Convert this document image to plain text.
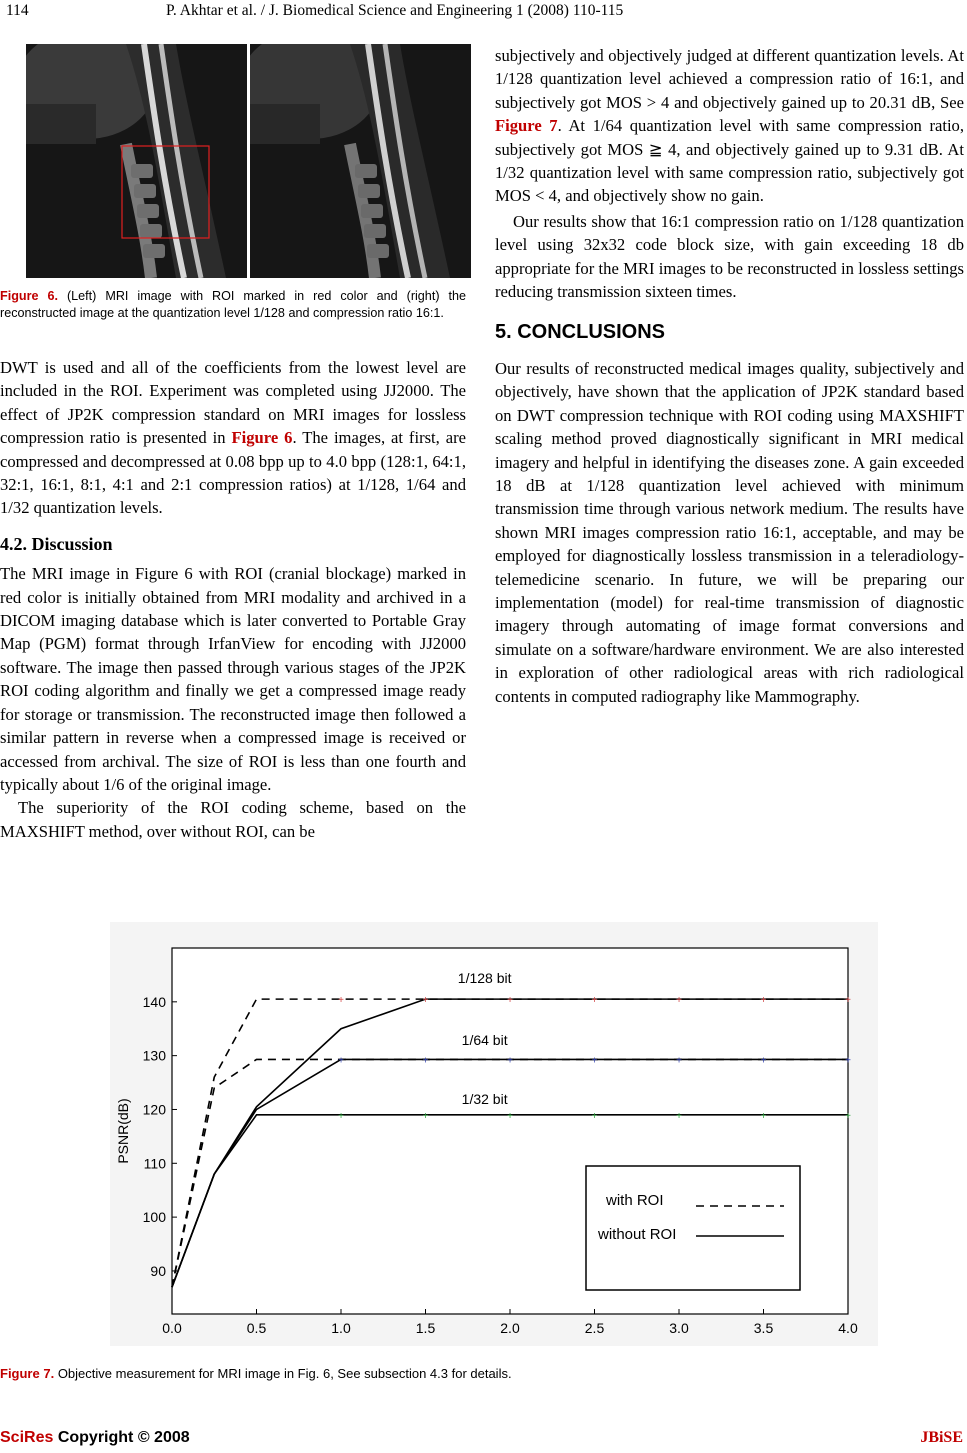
114	P. Akhtar et al. / J. Biomedical Science and Engineering 1 (2008) 110-115
Figure 6. (Left) MRI image with ROI marked in red color and (right) the reconstructed image at the quantization level 1/128 and compression ratio 16:1.

DWT is used and all of the coefficients from the lowest level are included in the ROI. Experiment was completed using JJ2000. The effect of JP2K compression standard on MRI images for lossless compression ratio is presented in Figure 6. The images, at first, are compressed and decompressed at 0.08 bpp up to 4.0 bpp (128:1, 64:1, 32:1, 16:1, 8:1, 4:1 and 2:1 compression ratios) at 1/128, 1/64 and 1/32 quantization levels.

4.2. Discussion

The MRI image in Figure 6 with ROI (cranial blockage) marked in red color is initially obtained from MRI modality and archived in a DICOM imaging database which is later converted to Portable Gray Map (PGM) format through IrfanView for encoding with JJ2000 software. The image then passed through various stages of the JP2K ROI coding algorithm and finally we get a compressed image ready for storage or transmission. The reconstructed image then followed a similar pattern in reverse when a compressed image is received or accessed from archival. The size of ROI is less than one fourth and typically about 1/6 of the original image.

The superiority of the ROI coding scheme, based on the MAXSHIFT method, over without ROI, can be

subjectively and objectively judged at different quantization levels. At 1/128 quantization level achieved a compression ratio of 16:1, and subjectively got MOS > 4 and objectively gained up to 20.31 dB, See Figure 7. At 1/64 quantization level with same compression ratio, subjectively got MOS ≧ 4, and objectively gained up to 9.31 dB. At 1/32 quantization level with same compression ratio, subjectively got MOS < 4, and objectively show no gain.

Our results show that 16:1 compression ratio on 1/128 quantization level using 32x32 code block size, with gain exceeding 18 db appropriate for the MRI images to be reconstructed in lossless settings reducing transmission sixteen times.

5. CONCLUSIONS

Our results of reconstructed medical images quality, subjectively and objectively, have shown that the application of JP2K standard based on DWT compression technique with ROI coding using MAXSHIFT scaling method proved diagnostically significant in MRI medical imagery and helpful in identifying the diseases zone. A gain exceeded 18 dB at 1/128 quantization level achieved with minimum transmission time through various network medium. The results have shown MRI images compression ratio 16:1, acceptable, and may be employed for diagnostically lossless transmission in a teleradiology-telemedicine scenario. In future, we will be preparing our implementation (model) for real-time transmission of diagnostic imagery through automating of image format conversions and simulate on a software/hardware environment. We are also interested in exploration of other radiological areas with rich radiological contents in computed radiography like Mammography.

0.0	0.5	1.0	1.5	2.0	2.5	3.0	3.5	4.0
90
100
110
120
130
140
PSNR(dB)
+	+	+	+	+	+	+
+	+	+	+	+	+	+
+	+	+	+	+	+	+
1/128 bit
1/64 bit
1/32 bit
with ROI
without ROI
Figure 7. Objective measurement for MRI image in Fig. 6, See subsection 4.3 for details.
SciRes Copyright © 2008	JBiSE
